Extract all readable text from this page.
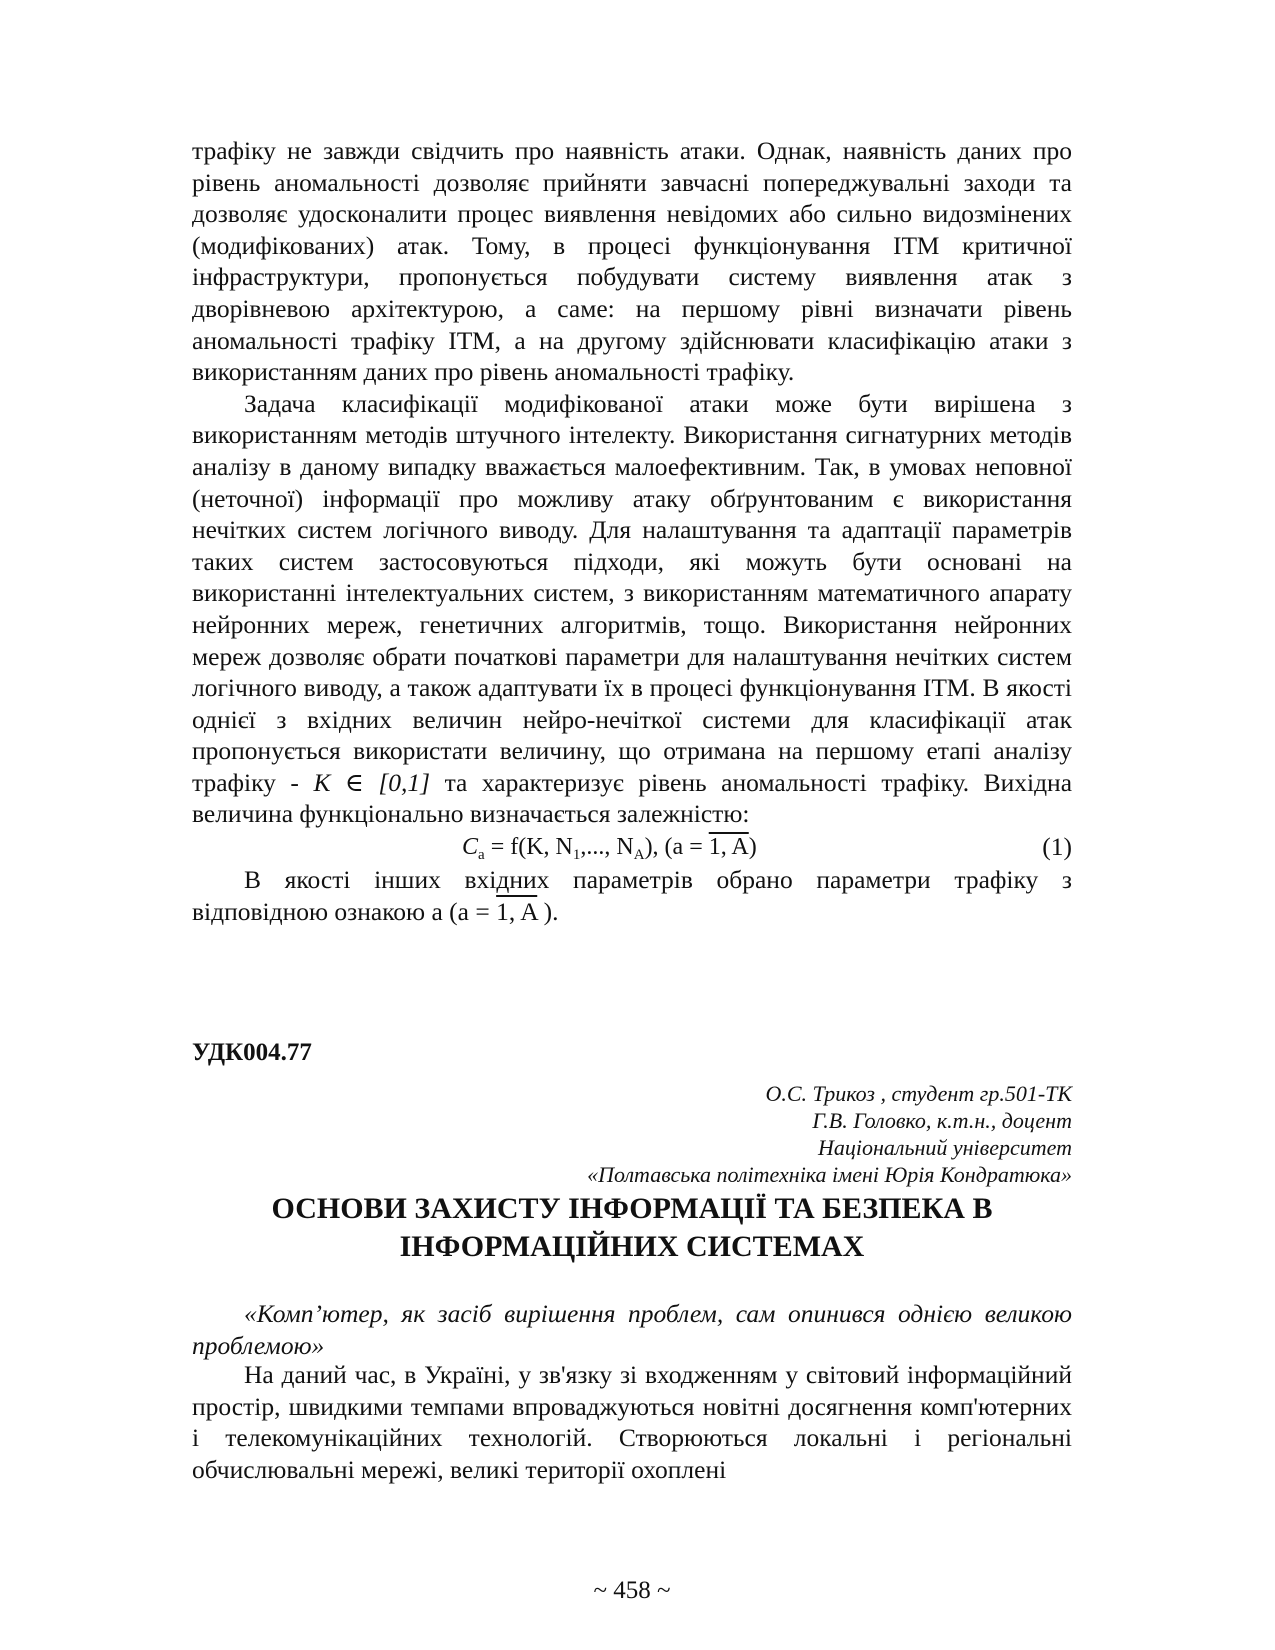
трафіку не завжди свідчить про наявність атаки. Однак, наявність даних про рівень аномальності дозволяє прийняти завчасні попереджувальні заходи та дозволяє удосконалити процес виявлення невідомих або сильно видозмінених (модифікованих) атак. Тому, в процесі функціонування ІТМ критичної інфраструктури, пропонується побудувати систему виявлення атак з дворівневою архітектурою, а саме: на першому рівні визначати рівень аномальності трафіку ІТМ, а на другому здійснювати класифікацію атаки з використанням даних про рівень аномальності трафіку.

Задача класифікації модифікованої атаки може бути вирішена з використанням методів штучного інтелекту. Використання сигнатурних методів аналізу в даному випадку вважається малоефективним. Так, в умовах неповної (неточної) інформації про можливу атаку обґрунтованим є використання нечітких систем логічного виводу. Для налаштування та адаптації параметрів таких систем застосовуються підходи, які можуть бути основані на використанні інтелектуальних систем, з використанням математичного апарату нейронних мереж, генетичних алгоритмів, тощо. Використання нейронних мереж дозволяє обрати початкові параметри для налаштування нечітких систем логічного виводу, а також адаптувати їх в процесі функціонування ІТМ. В якості однієї з вхідних величин нейро-нечіткої системи для класифікації атак пропонується використати величину, що отримана на першому етапі аналізу трафіку - K ∈ [0,1] та характеризує рівень аномальності трафіку. Вихідна величина функціонально визначається залежністю:

$C_a = f(K$, $N_1$,..., $N_A$), (a = 1, A)	(1)

В якості інших вхідних параметрів обрано параметри трафіку з відповідною ознакою a (a = 1, A ).

УДК004.77
О.С. Трикоз , студент гр.501-ТК
Г.В. Головко, к.т.н., доцент
Національний університет
«Полтавська політехніка імені Юрія Кондратюка»
ОСНОВИ ЗАХИСТУ ІНФОРМАЦІЇ ТА БЕЗПЕКА В
ІНФОРМАЦІЙНИХ СИСТЕМАХ

«Комп’ютер, як засіб вирішення проблем, сам опинився однією великою проблемою»

На даний час, в Україні, у зв'язку зі входженням у світовий інформаційний простір, швидкими темпами впроваджуються новітні досягнення комп'ютерних і телекомунікаційних технологій. Створюються локальні і регіональні обчислювальні мережі, великі території охоплені

~ 458 ~
